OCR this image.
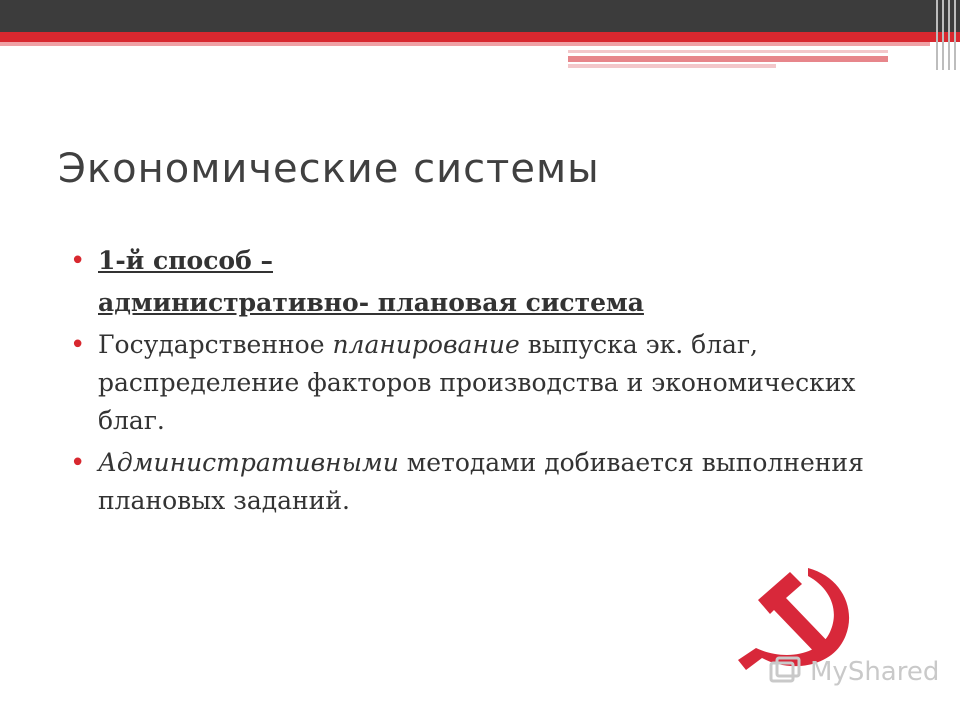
Экономические системы
• 1-й способ –
административно- плановая система
• Государственное планирование выпуска эк. благ, распределение факторов производства и экономических благ.
• Административными методами добивается выполнения плановых заданий.
MyShared
